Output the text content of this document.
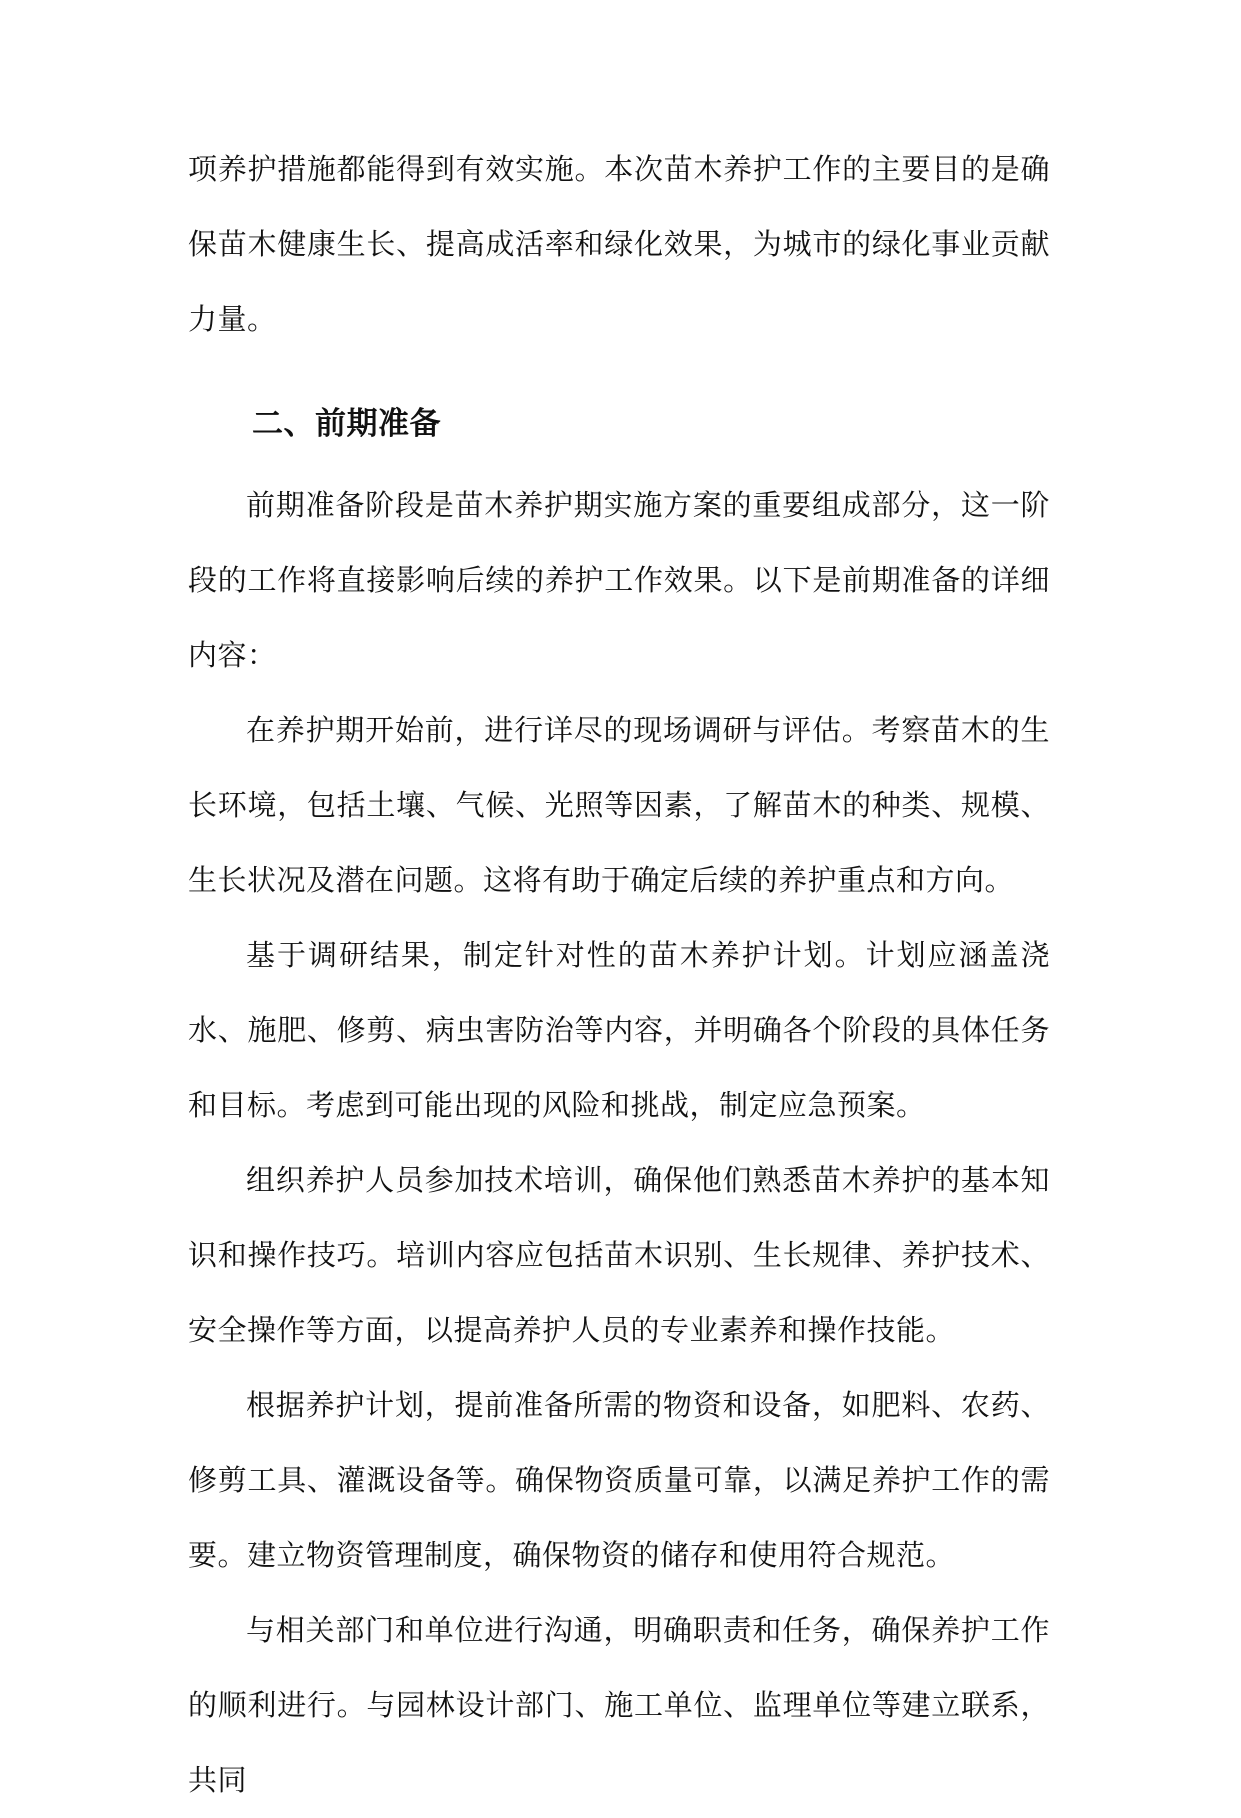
项养护措施都能得到有效实施。本次苗木养护工作的主要目的是确保苗木健康生长、提高成活率和绿化效果，为城市的绿化事业贡献力量。

二、前期准备

前期准备阶段是苗木养护期实施方案的重要组成部分，这一阶段的工作将直接影响后续的养护工作效果。以下是前期准备的详细内容：

在养护期开始前，进行详尽的现场调研与评估。考察苗木的生长环境，包括土壤、气候、光照等因素，了解苗木的种类、规模、生长状况及潜在问题。这将有助于确定后续的养护重点和方向。

基于调研结果，制定针对性的苗木养护计划。计划应涵盖浇水、施肥、修剪、病虫害防治等内容，并明确各个阶段的具体任务和目标。考虑到可能出现的风险和挑战，制定应急预案。

组织养护人员参加技术培训，确保他们熟悉苗木养护的基本知识和操作技巧。培训内容应包括苗木识别、生长规律、养护技术、安全操作等方面，以提高养护人员的专业素养和操作技能。

根据养护计划，提前准备所需的物资和设备，如肥料、农药、修剪工具、灌溉设备等。确保物资质量可靠，以满足养护工作的需要。建立物资管理制度，确保物资的储存和使用符合规范。

与相关部门和单位进行沟通，明确职责和任务，确保养护工作的顺利进行。与园林设计部门、施工单位、监理单位等建立联系，共同
